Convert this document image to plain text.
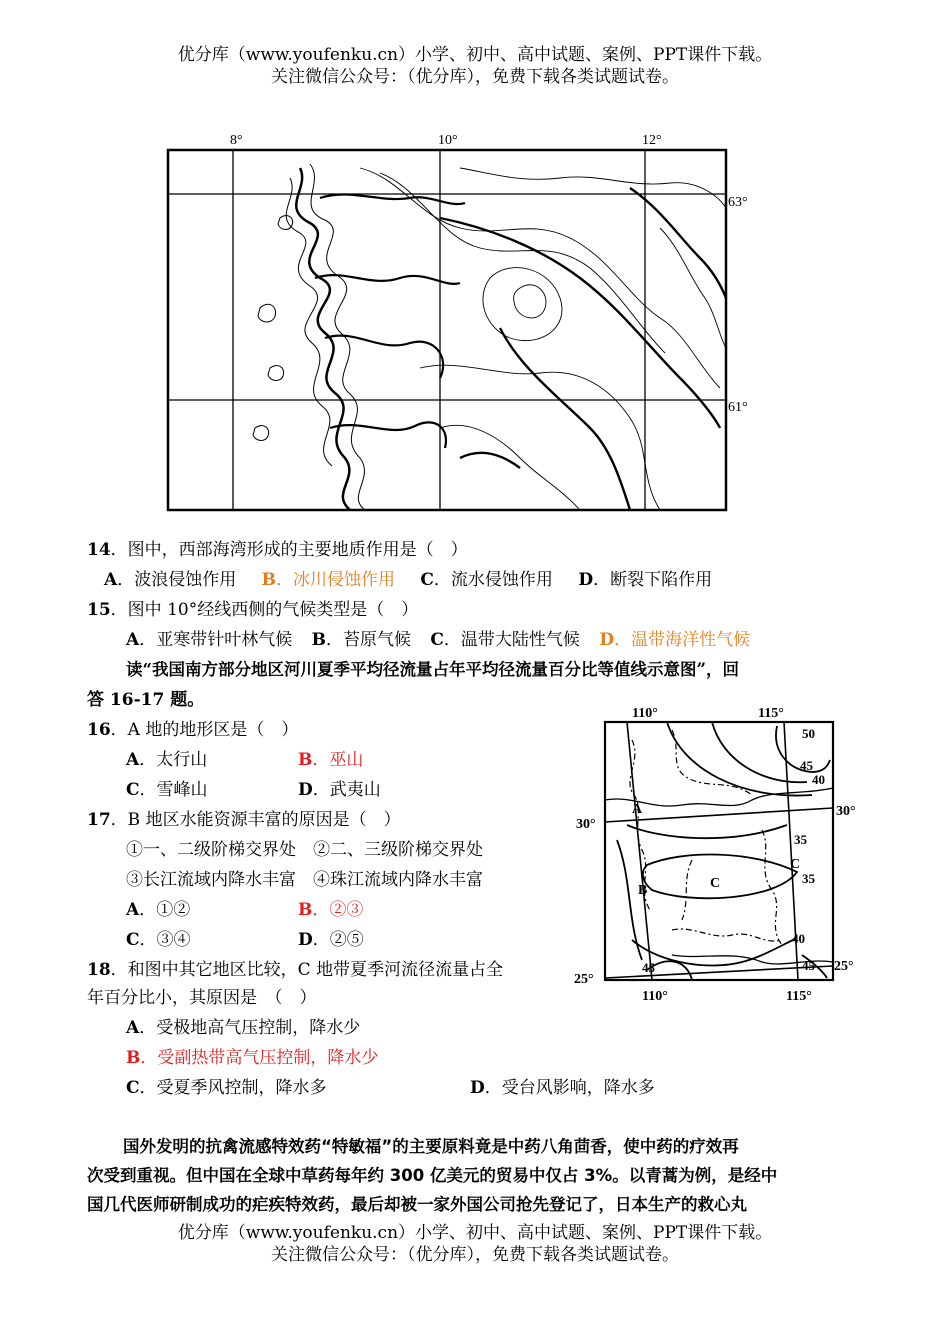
优分库（www.youfenku.cn）小学、初中、高中试题、案例、PPT课件下载。
关注微信公众号：（优分库），免费下载各类试题试卷。
8°	10°	12°
63°
61°
14．图中，西部海湾形成的主要地质作用是（　）
A．波浪侵蚀作用 B．冰川侵蚀作用 C．流水侵蚀作用 D．断裂下陷作用
15．图中 10°经线西侧的气候类型是（　）
A．亚寒带针叶林气候 B．苔原气候 C．温带大陆性气候 D．温带海洋性气候
读“我国南方部分地区河川夏季平均径流量占年平均径流量百分比等值线示意图”，回
答 16-17 题。
16．A 地的地形区是（　）
A．太行山	B．巫山
C．雪峰山	D．武夷山
17．B 地区水能资源丰富的原因是（　）
①一、二级阶梯交界处　②二、三级阶梯交界处
③长江流域内降水丰富　④珠江流域内降水丰富
A．①②	B．②③
C．③④	D．②⑤
18．和图中其它地区比较，C 地带夏季河流径流量占全
年百分比小，其原因是　（　）
A．受极地高气压控制，降水少
B．受副热带高气压控制，降水少
C．受夏季风控制，降水多	D．受台风影响，降水多
110°	115°
110°	115°
30°
30°
25°
25°
50
45
40
35
35
40
45	45
A
B	C
C
国外发明的抗禽流感特效药“特敏福”的主要原料竟是中药八角茴香，使中药的疗效再
次受到重视。但中国在全球中草药每年约 300 亿美元的贸易中仅占 3%。以青蒿为例，是经中
国几代医师研制成功的疟疾特效药，最后却被一家外国公司抢先登记了，日本生产的救心丸
优分库（www.youfenku.cn）小学、初中、高中试题、案例、PPT课件下载。
关注微信公众号：（优分库），免费下载各类试题试卷。
